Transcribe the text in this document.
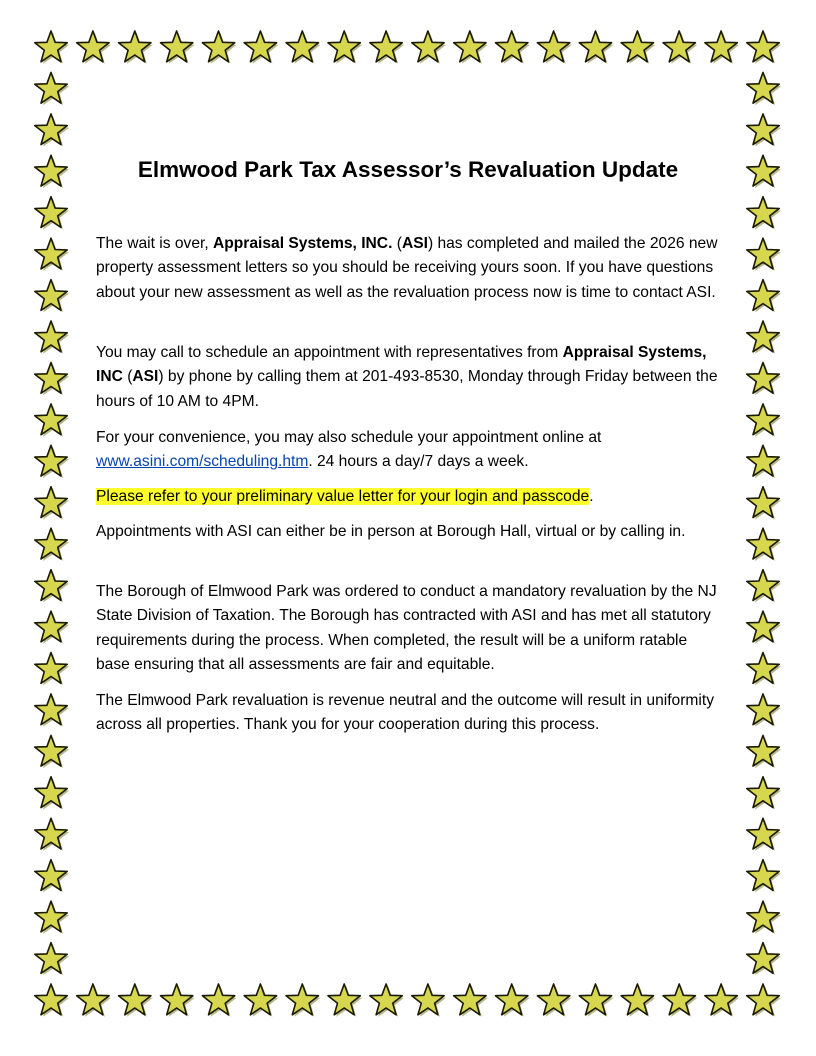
Elmwood Park Tax Assessor’s Revaluation Update

The wait is over, Appraisal Systems, INC. (ASI) has completed and mailed the 2026 new property assessment letters so you should be receiving yours soon. If you have questions about your new assessment as well as the revaluation process now is time to contact ASI.

You may call to schedule an appointment with representatives from Appraisal Systems, INC (ASI) by phone by calling them at 201-493-8530, Monday through Friday between the hours of 10 AM to 4PM.

For your convenience, you may also schedule your appointment online at www.asini.com/scheduling.htm. 24 hours a day/7 days a week.

Please refer to your preliminary value letter for your login and passcode.

Appointments with ASI can either be in person at Borough Hall, virtual or by calling in.

The Borough of Elmwood Park was ordered to conduct a mandatory revaluation by the NJ State Division of Taxation. The Borough has contracted with ASI and has met all statutory requirements during the process. When completed, the result will be a uniform ratable base ensuring that all assessments are fair and equitable.

The Elmwood Park revaluation is revenue neutral and the outcome will result in uniformity across all properties. Thank you for your cooperation during this process.
